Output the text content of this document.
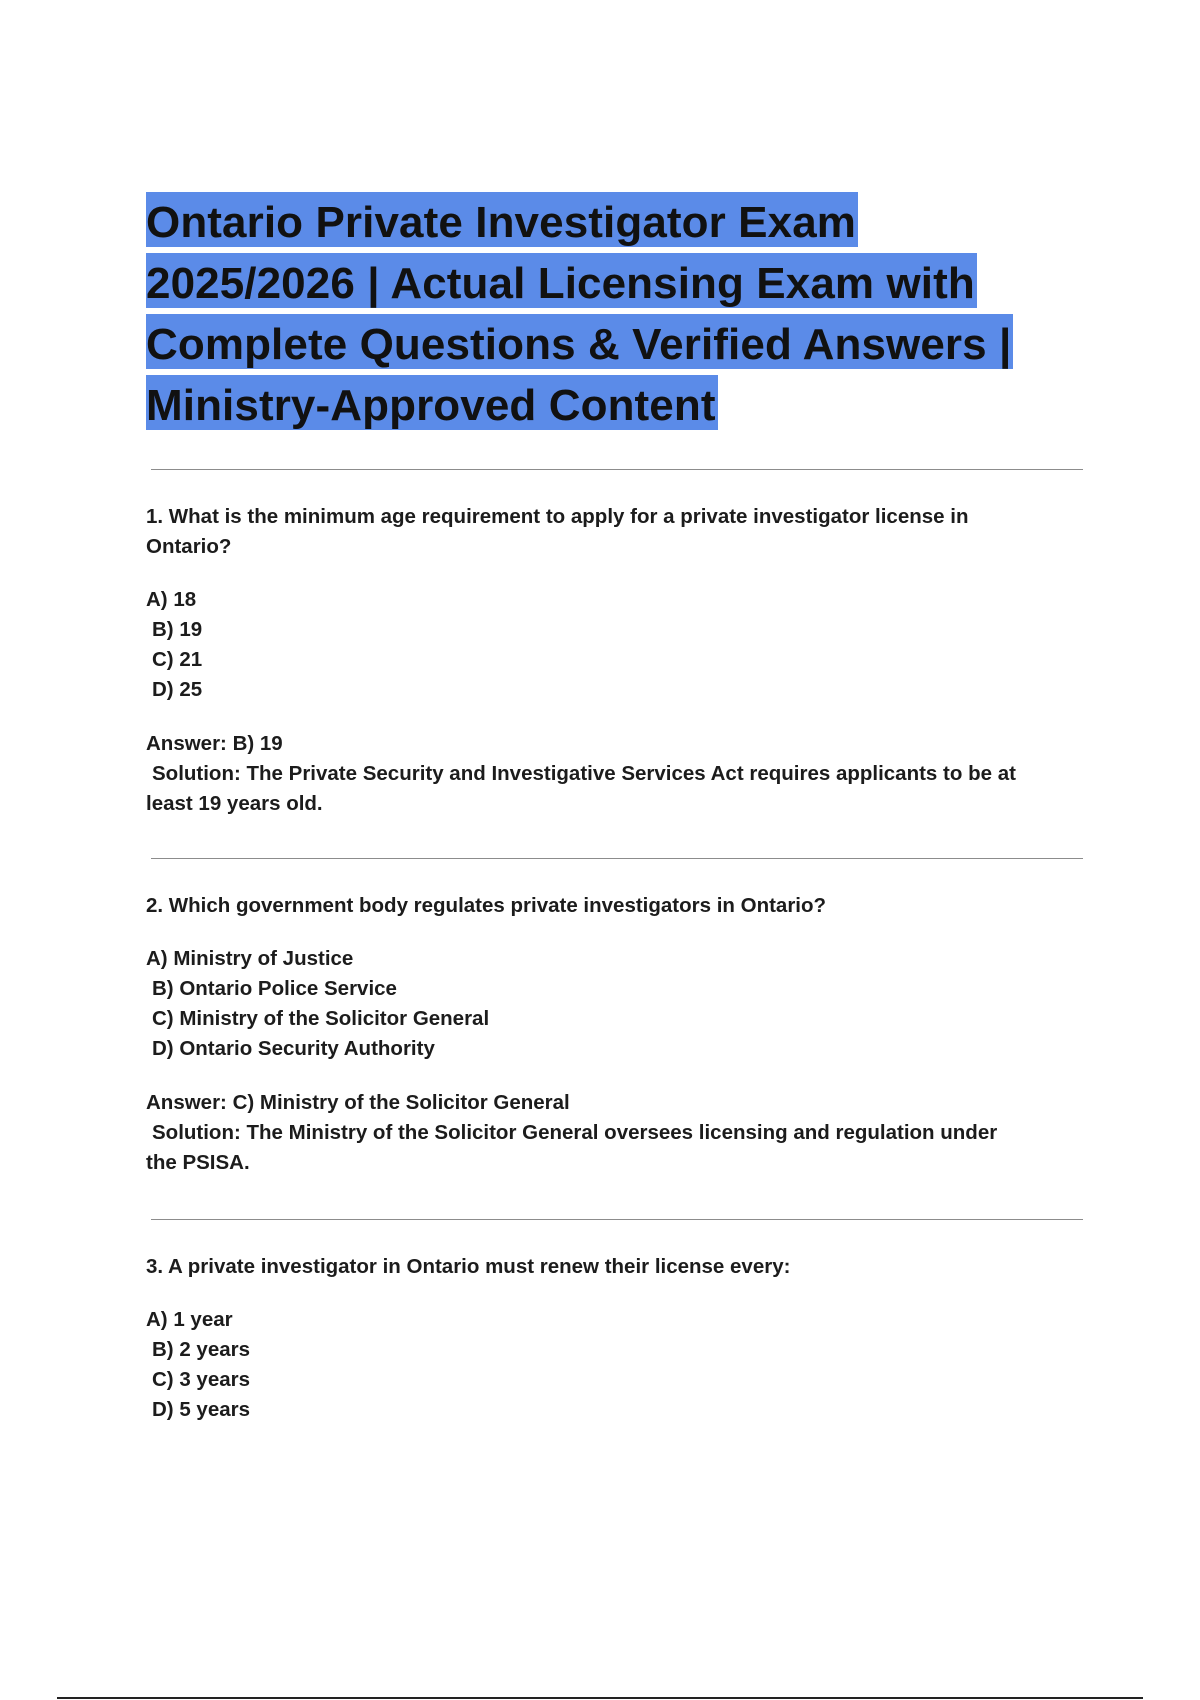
Ontario Private Investigator Exam
2025/2026 | Actual Licensing Exam with
Complete Questions & Verified Answers |
Ministry-Approved Content

1. What is the minimum age requirement to apply for a private investigator license in
Ontario?

A) 18
B) 19
C) 21
D) 25
Answer: B) 19
Solution: The Private Security and Investigative Services Act requires applicants to be at
least 19 years old.

2. Which government body regulates private investigators in Ontario?

A) Ministry of Justice
B) Ontario Police Service
C) Ministry of the Solicitor General
D) Ontario Security Authority
Answer: C) Ministry of the Solicitor General
Solution: The Ministry of the Solicitor General oversees licensing and regulation under
the PSISA.

3. A private investigator in Ontario must renew their license every:

A) 1 year
B) 2 years
C) 3 years
D) 5 years
